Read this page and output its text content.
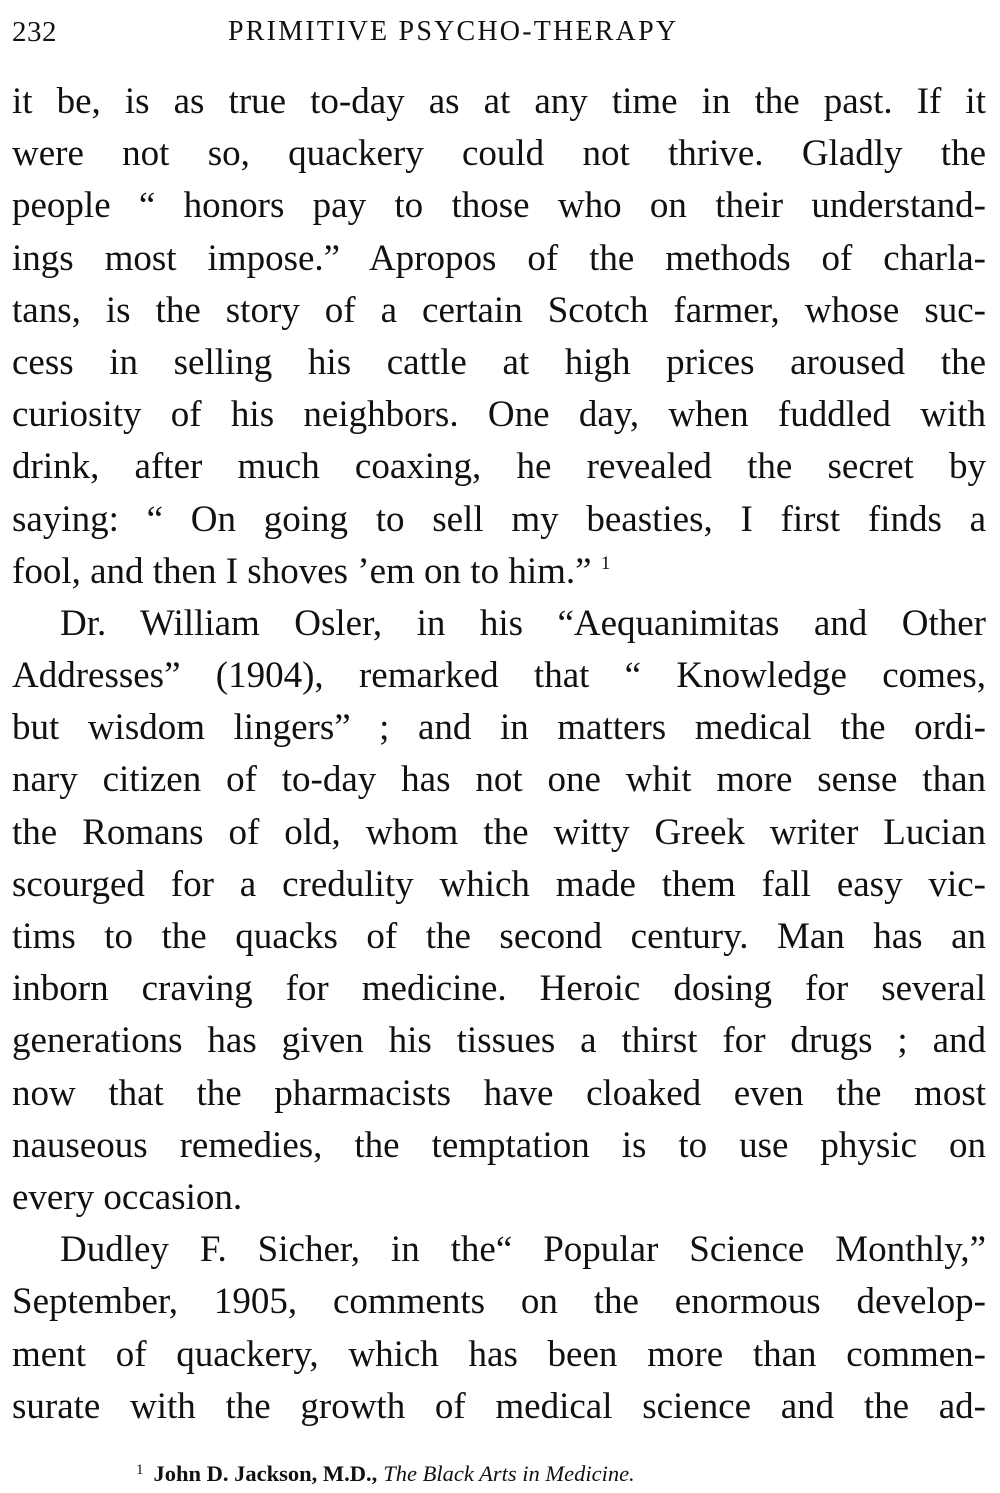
232	PRIMITIVE PSYCHO-THERAPY
it be, is as true to-day as at any time in the past. If it
were not so, quackery could not thrive. Gladly the
people “ honors pay to those who on their understand-
ings most impose.” Apropos of the methods of charla-
tans, is the story of a certain Scotch farmer, whose suc-
cess in selling his cattle at high prices aroused the
curiosity of his neighbors. One day, when fuddled with
drink, after much coaxing, he revealed the secret by
saying: “ On going to sell my beasties, I first finds a
fool, and then I shoves ’em on to him.” $^1$
Dr. William Osler, in his “Aequanimitas and Other
Addresses” (1904), remarked that “ Knowledge comes,
but wisdom lingers” ; and in matters medical the ordi-
nary citizen of to-day has not one whit more sense than
the Romans of old, whom the witty Greek writer Lucian
scourged for a credulity which made them fall easy vic-
tims to the quacks of the second century. Man has an
inborn craving for medicine. Heroic dosing for several
generations has given his tissues a thirst for drugs ; and
now that the pharmacists have cloaked even the most
nauseous remedies, the temptation is to use physic on
every occasion.
Dudley F. Sicher, in the“ Popular Science Monthly,”
September, 1905, comments on the enormous develop-
ment of quackery, which has been more than commen-
surate with the growth of medical science and the ad-
$^1$ John D. Jackson, M.D., The Black Arts in Medicine.
